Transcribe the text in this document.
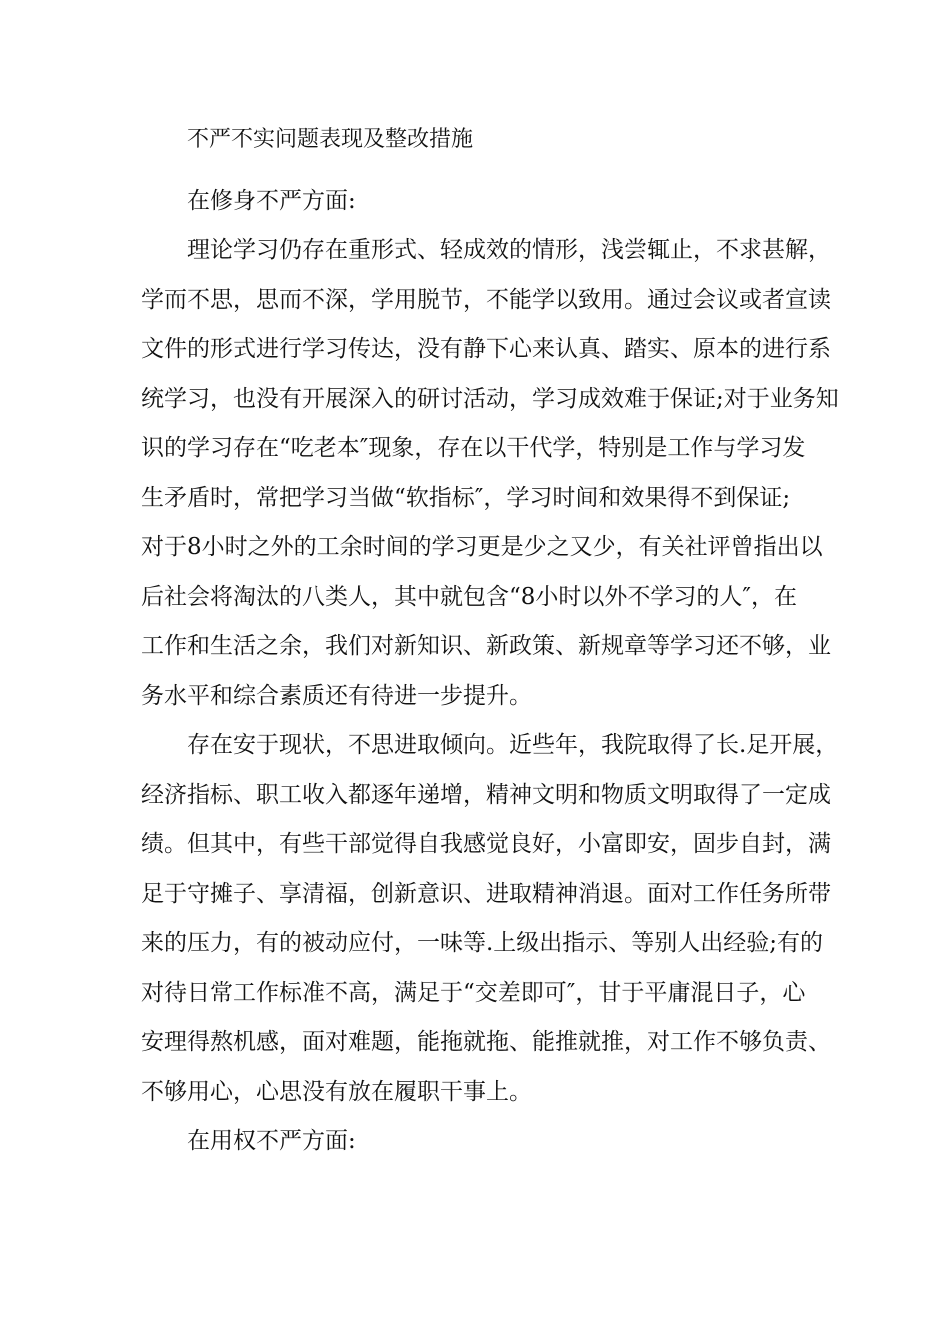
不严不实问题表现及整改措施
在修身不严方面:
理论学习仍存在重形式、轻成效的情形，浅尝辄止，不求甚解，
学而不思，思而不深，学用脱节，不能学以致用。通过会议或者宣读
文件的形式进行学习传达，没有静下心来认真、踏实、原本的进行系
统学习，也没有开展深入的研讨活动，学习成效难于保证;对于业务知
识的学习存在“吃老本″现象，存在以干代学，特别是工作与学习发
生矛盾时，常把学习当做“软指标″，学习时间和效果得不到保证;
对于8小时之外的工余时间的学习更是少之又少，有关社评曾指出以
后社会将淘汰的八类人，其中就包含“8小时以外不学习的人″，在
工作和生活之余，我们对新知识、新政策、新规章等学习还不够，业
务水平和综合素质还有待进一步提升。
存在安于现状，不思进取倾向。近些年，我院取得了长.足开展，
经济指标、职工收入都逐年递增，精神文明和物质文明取得了一定成
绩。但其中，有些干部觉得自我感觉良好，小富即安，固步自封，满
足于守摊子、享清福，创新意识、进取精神消退。面对工作任务所带
来的压力，有的被动应付，一味等.上级出指示、等别人出经验;有的
对待日常工作标准不高，满足于“交差即可″，甘于平庸混日子，心
安理得熬机感，面对难题，能拖就拖、能推就推，对工作不够负责、
不够用心，心思没有放在履职干事上。
在用权不严方面:
